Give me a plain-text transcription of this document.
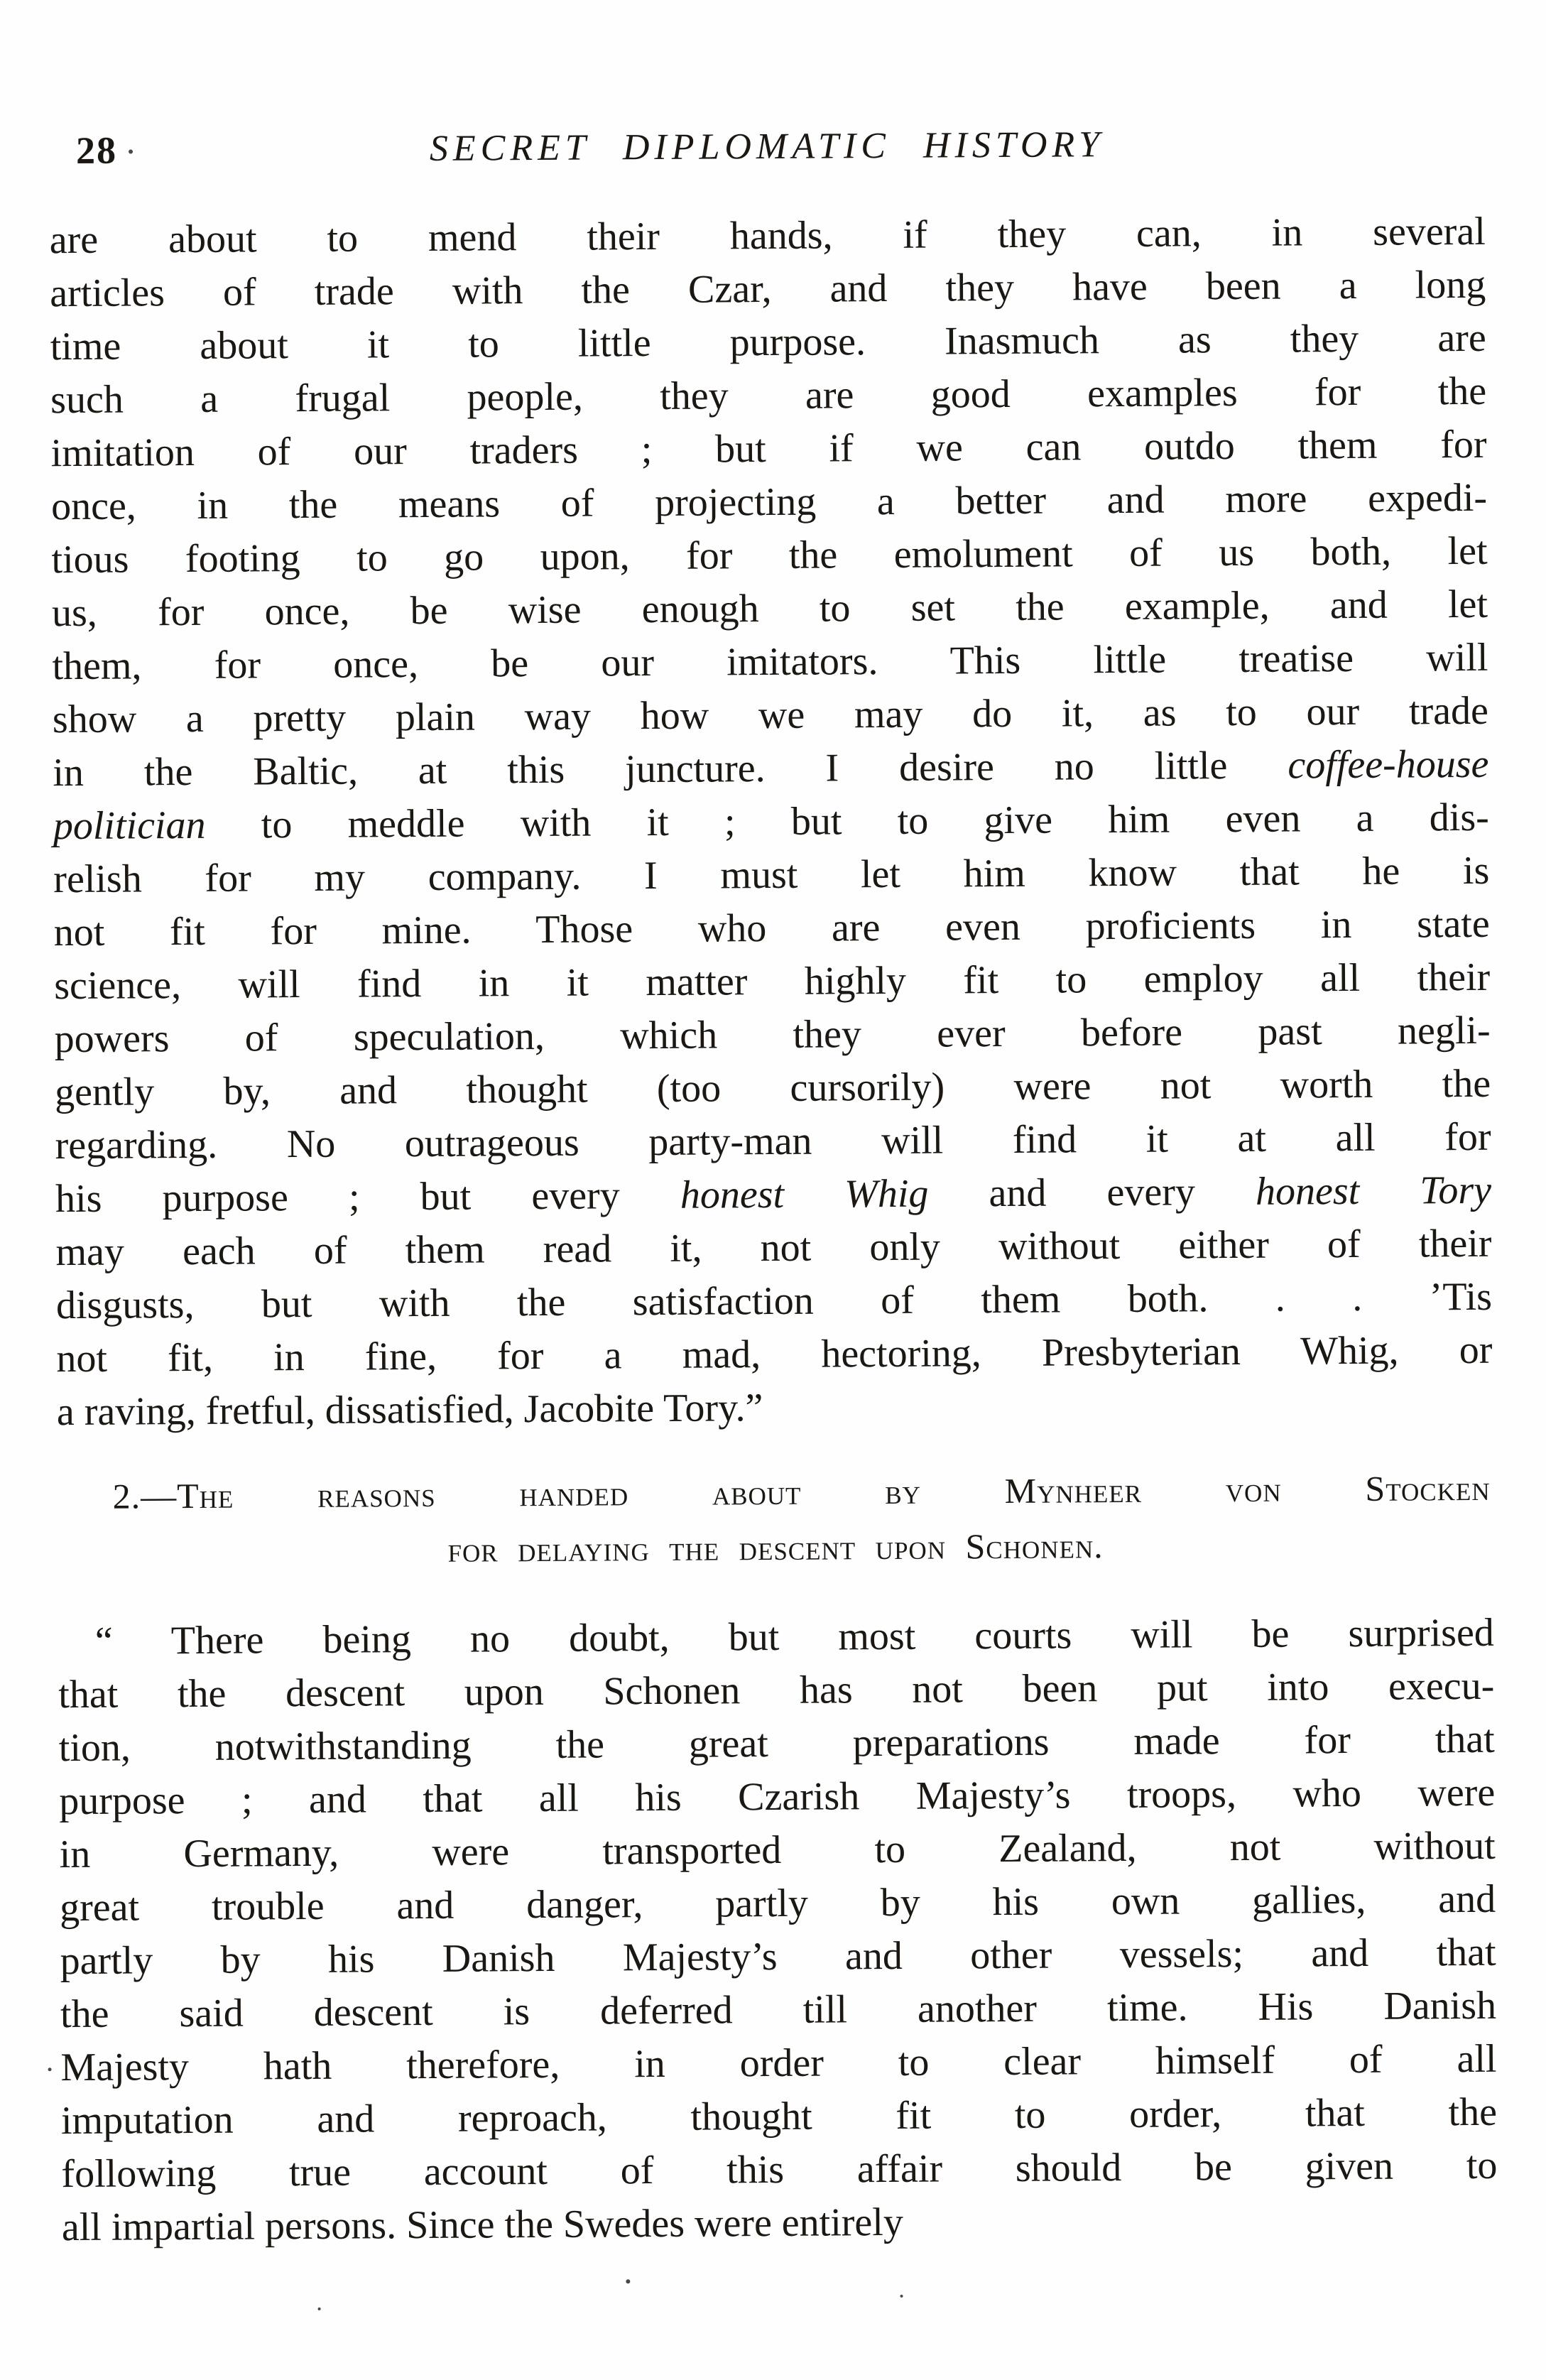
28	SECRET DIPLOMATIC HISTORY
are about to mend their hands, if they can, in several
articles of trade with the Czar, and they have been a long
time about it to little purpose. Inasmuch as they are
such a frugal people, they are good examples for the
imitation of our traders ; but if we can outdo them for
once, in the means of projecting a better and more expedi-
tious footing to go upon, for the emolument of us both, let
us, for once, be wise enough to set the example, and let
them, for once, be our imitators. This little treatise will
show a pretty plain way how we may do it, as to our trade
in the Baltic, at this juncture. I desire no little coffee-house
politician to meddle with it ; but to give him even a dis-
relish for my company. I must let him know that he is
not fit for mine. Those who are even proficients in state
science, will find in it matter highly fit to employ all their
powers of speculation, which they ever before past negli-
gently by, and thought (too cursorily) were not worth the
regarding. No outrageous party-man will find it at all for
his purpose ; but every honest Whig and every honest Tory
may each of them read it, not only without either of their
disgusts, but with the satisfaction of them both. . . ’Tis
not fit, in fine, for a mad, hectoring, Presbyterian Whig, or
a raving, fretful, dissatisfied, Jacobite Tory.”
2.—The reasons handed about by Mynheer von Stocken
for delaying the descent upon Schonen.
“ There being no doubt, but most courts will be surprised
that the descent upon Schonen has not been put into execu-
tion, notwithstanding the great preparations made for that
purpose ; and that all his Czarish Majesty’s troops, who were
in Germany, were transported to Zealand, not without
great trouble and danger, partly by his own gallies, and
partly by his Danish Majesty’s and other vessels; and that
the said descent is deferred till another time. His Danish
Majesty hath therefore, in order to clear himself of all
imputation and reproach, thought fit to order, that the
following true account of this affair should be given to
all impartial persons. Since the Swedes were entirely
